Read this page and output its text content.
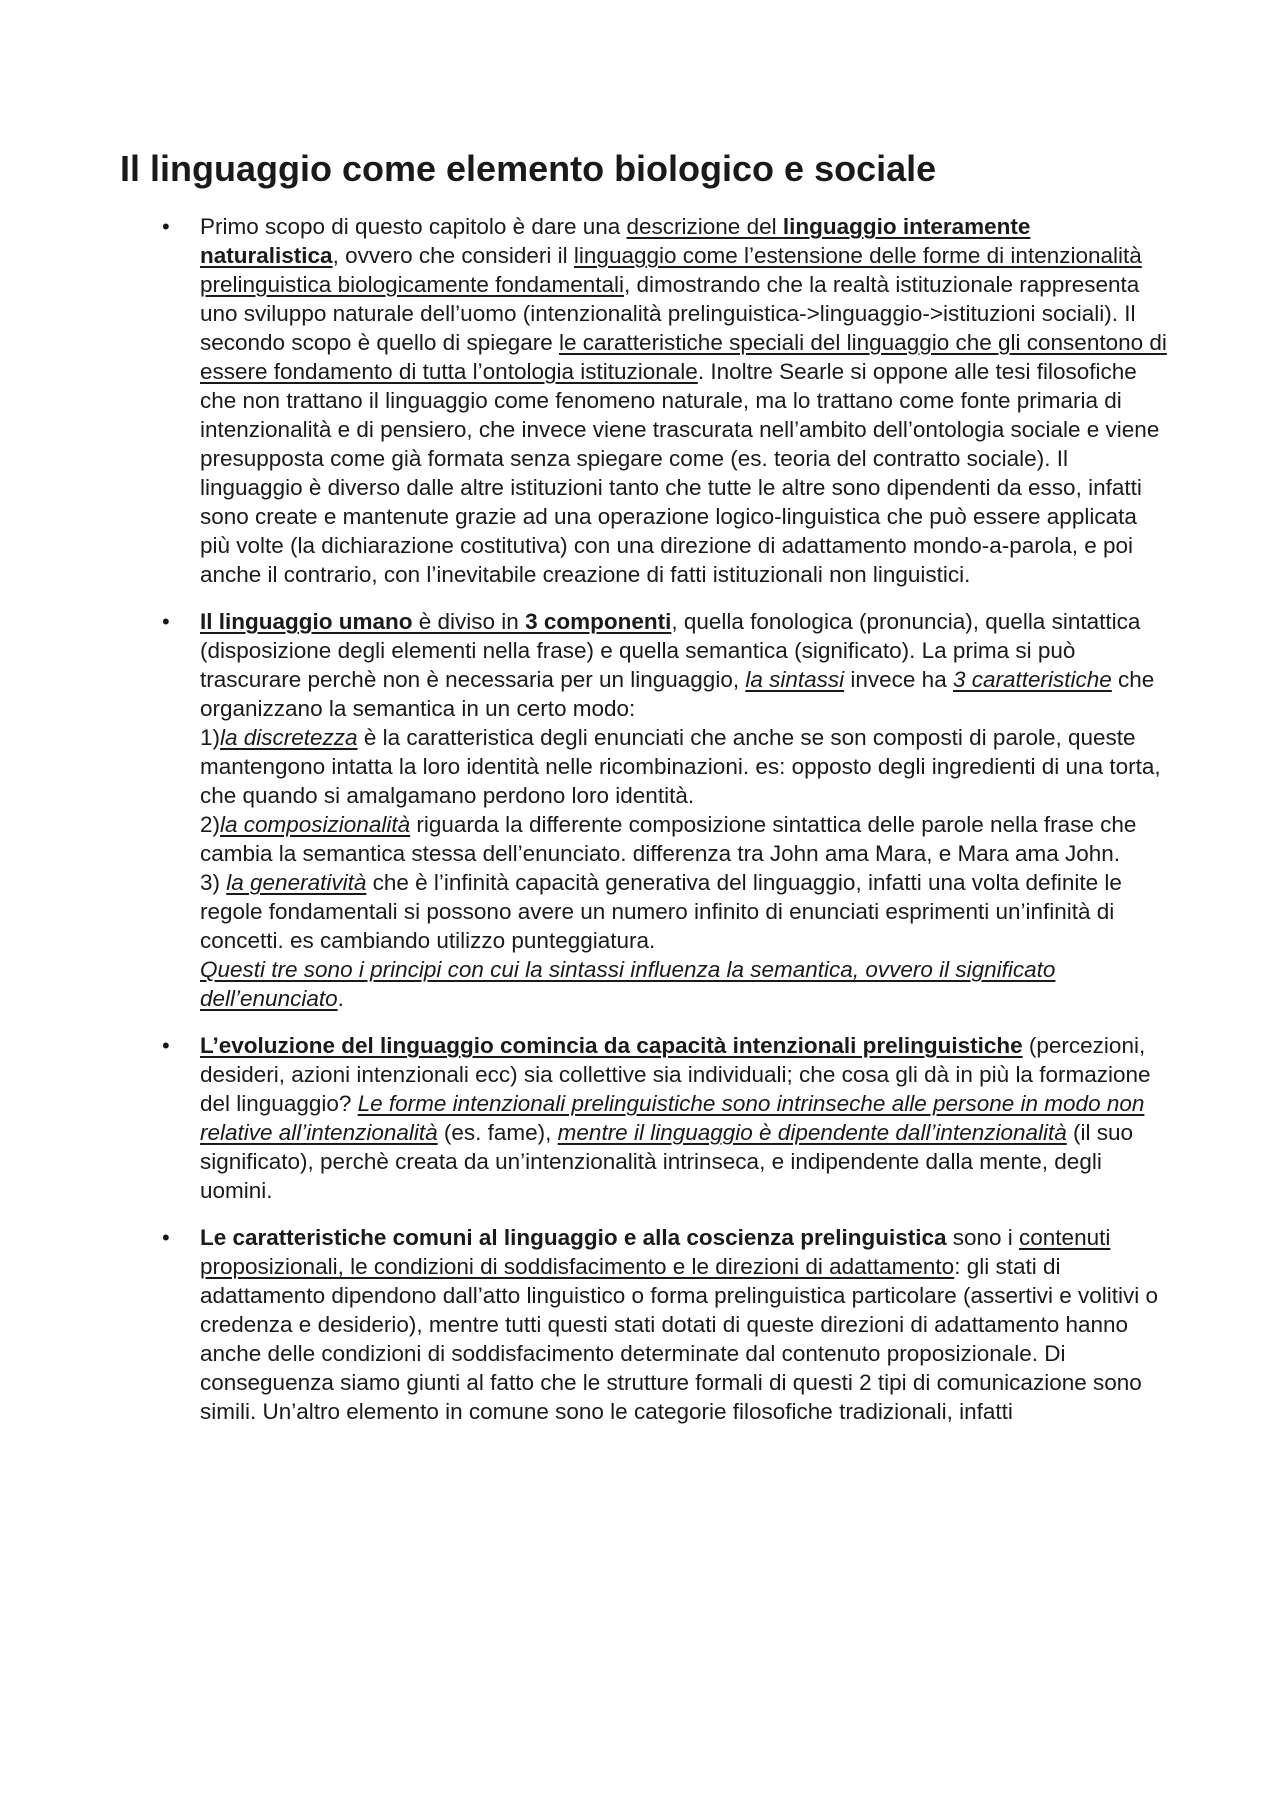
Il linguaggio come elemento biologico e sociale
• Primo scopo di questo capitolo è dare una descrizione del linguaggio interamente naturalistica, ovvero che consideri il linguaggio come l’estensione delle forme di intenzionalità prelinguistica biologicamente fondamentali, dimostrando che la realtà istituzionale rappresenta uno sviluppo naturale dell’uomo (intenzionalità prelinguistica->linguaggio->istituzioni sociali). Il secondo scopo è quello di spiegare le caratteristiche speciali del linguaggio che gli consentono di essere fondamento di tutta l’ontologia istituzionale. Inoltre Searle si oppone alle tesi filosofiche che non trattano il linguaggio come fenomeno naturale, ma lo trattano come fonte primaria di intenzionalità e di pensiero, che invece viene trascurata nell’ambito dell’ontologia sociale e viene presupposta come già formata senza spiegare come (es. teoria del contratto sociale). Il linguaggio è diverso dalle altre istituzioni tanto che tutte le altre sono dipendenti da esso, infatti sono create e mantenute grazie ad una operazione logico-linguistica che può essere applicata più volte (la dichiarazione costitutiva) con una direzione di adattamento mondo-a-parola, e poi anche il contrario, con l’inevitabile creazione di fatti istituzionali non linguistici.

• Il linguaggio umano è diviso in 3 componenti, quella fonologica (pronuncia), quella sintattica (disposizione degli elementi nella frase) e quella semantica (significato). La prima si può trascurare perchè non è necessaria per un linguaggio, la sintassi invece ha 3 caratteristiche che organizzano la semantica in un certo modo:

1)la discretezza è la caratteristica degli enunciati che anche se son composti di parole, queste mantengono intatta la loro identità nelle ricombinazioni. es: opposto degli ingredienti di una torta, che quando si amalgamano perdono loro identità.

2)la composizionalità riguarda la differente composizione sintattica delle parole nella frase che cambia la semantica stessa dell’enunciato. differenza tra John ama Mara, e Mara ama John.

3) la generatività che è l’infinità capacità generativa del linguaggio, infatti una volta definite le regole fondamentali si possono avere un numero infinito di enunciati esprimenti un’infinità di concetti. es cambiando utilizzo punteggiatura.

Questi tre sono i principi con cui la sintassi influenza la semantica, ovvero il significato dell’enunciato.

• L’evoluzione del linguaggio comincia da capacità intenzionali prelinguistiche (percezioni, desideri, azioni intenzionali ecc) sia collettive sia individuali; che cosa gli dà in più la formazione del linguaggio? Le forme intenzionali prelinguistiche sono intrinseche alle persone in modo non relative all’intenzionalità (es. fame), mentre il linguaggio è dipendente dall’intenzionalità (il suo significato), perchè creata da un’intenzionalità intrinseca, e indipendente dalla mente, degli uomini.

• Le caratteristiche comuni al linguaggio e alla coscienza prelinguistica sono i contenuti proposizionali, le condizioni di soddisfacimento e le direzioni di adattamento: gli stati di adattamento dipendono dall’atto linguistico o forma prelinguistica particolare (assertivi e volitivi o credenza e desiderio), mentre tutti questi stati dotati di queste direzioni di adattamento hanno anche delle condizioni di soddisfacimento determinate dal contenuto proposizionale. Di conseguenza siamo giunti al fatto che le strutture formali di questi 2 tipi di comunicazione sono simili. Un’altro elemento in comune sono le categorie filosofiche tradizionali, infatti
